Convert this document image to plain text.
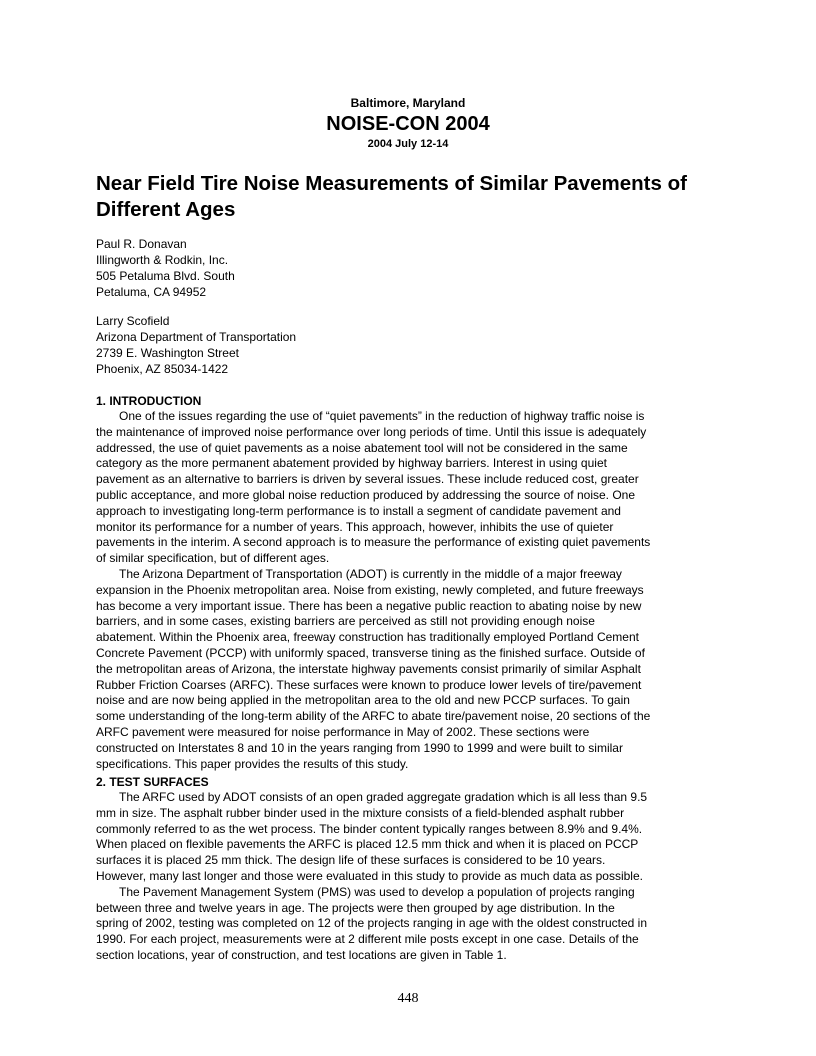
Baltimore, Maryland
NOISE-CON 2004
2004 July 12-14
Near Field Tire Noise Measurements of Similar Pavements of Different Ages
Paul R. Donavan
Illingworth & Rodkin, Inc.
505 Petaluma Blvd. South
Petaluma, CA 94952
Larry Scofield
Arizona Department of Transportation
2739 E. Washington Street
Phoenix, AZ 85034-1422
1. INTRODUCTION

One of the issues regarding the use of “quiet pavements” in the reduction of highway traffic noise is
the maintenance of improved noise performance over long periods of time. Until this issue is adequately
addressed, the use of quiet pavements as a noise abatement tool will not be considered in the same
category as the more permanent abatement provided by highway barriers. Interest in using quiet
pavement as an alternative to barriers is driven by several issues. These include reduced cost, greater
public acceptance, and more global noise reduction produced by addressing the source of noise. One
approach to investigating long-term performance is to install a segment of candidate pavement and
monitor its performance for a number of years. This approach, however, inhibits the use of quieter
pavements in the interim. A second approach is to measure the performance of existing quiet pavements
of similar specification, but of different ages.

The Arizona Department of Transportation (ADOT) is currently in the middle of a major freeway
expansion in the Phoenix metropolitan area. Noise from existing, newly completed, and future freeways
has become a very important issue. There has been a negative public reaction to abating noise by new
barriers, and in some cases, existing barriers are perceived as still not providing enough noise
abatement. Within the Phoenix area, freeway construction has traditionally employed Portland Cement
Concrete Pavement (PCCP) with uniformly spaced, transverse tining as the finished surface. Outside of
the metropolitan areas of Arizona, the interstate highway pavements consist primarily of similar Asphalt
Rubber Friction Coarses (ARFC). These surfaces were known to produce lower levels of tire/pavement
noise and are now being applied in the metropolitan area to the old and new PCCP surfaces. To gain
some understanding of the long-term ability of the ARFC to abate tire/pavement noise, 20 sections of the
ARFC pavement were measured for noise performance in May of 2002. These sections were
constructed on Interstates 8 and 10 in the years ranging from 1990 to 1999 and were built to similar
specifications. This paper provides the results of this study.

2. TEST SURFACES

The ARFC used by ADOT consists of an open graded aggregate gradation which is all less than 9.5
mm in size. The asphalt rubber binder used in the mixture consists of a field-blended asphalt rubber
commonly referred to as the wet process. The binder content typically ranges between 8.9% and 9.4%.
When placed on flexible pavements the ARFC is placed 12.5 mm thick and when it is placed on PCCP
surfaces it is placed 25 mm thick. The design life of these surfaces is considered to be 10 years.
However, many last longer and those were evaluated in this study to provide as much data as possible.

The Pavement Management System (PMS) was used to develop a population of projects ranging
between three and twelve years in age. The projects were then grouped by age distribution. In the
spring of 2002, testing was completed on 12 of the projects ranging in age with the oldest constructed in
1990. For each project, measurements were at 2 different mile posts except in one case. Details of the
section locations, year of construction, and test locations are given in Table 1.

448
